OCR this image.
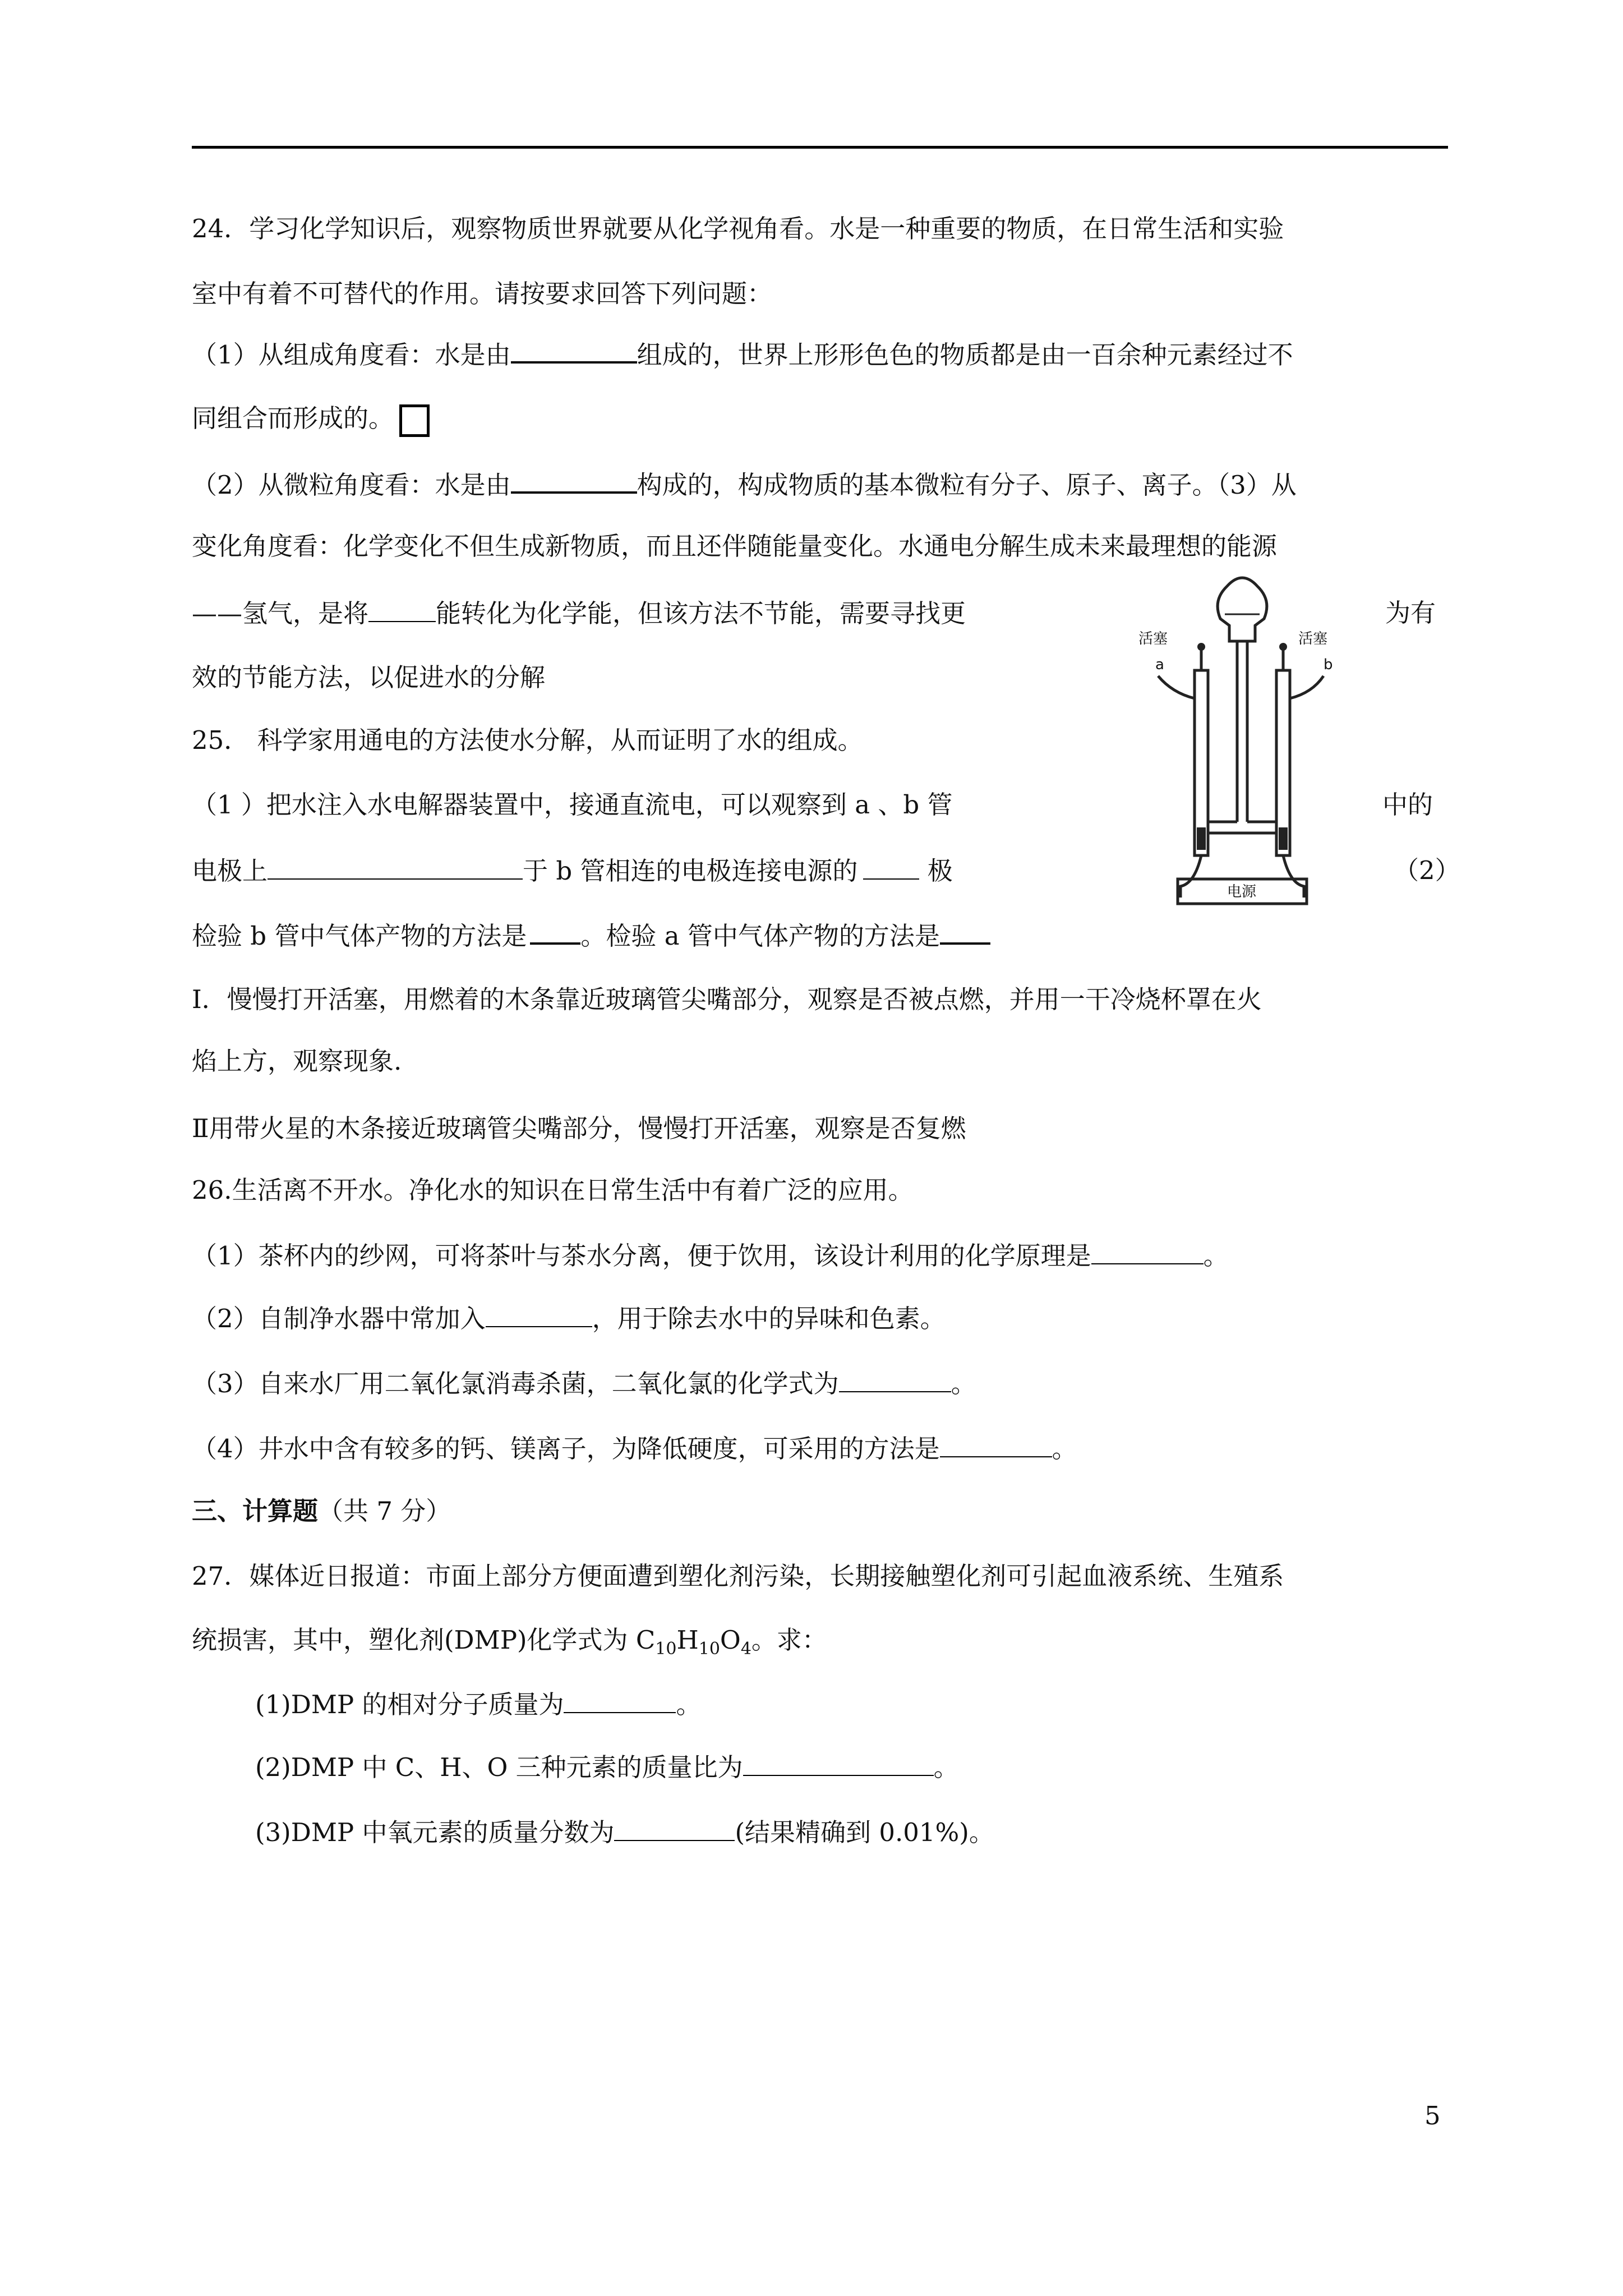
24．学习化学知识后，观察物质世界就要从化学视角看。水是一种重要的物质，在日常生活和实验
室中有着不可替代的作用。请按要求回答下列问题：
（1）从组成角度看：水是由	组成的，世界上形形色色的物质都是由一百余种元素经过不
同组合而形成的。
（2）从微粒角度看：水是由	构成的，构成物质的基本微粒有分子、原子、离子。（3）从
变化角度看：化学变化不但生成新物质，而且还伴随能量变化。水通电分解生成未来最理想的能源
——氢气，是将	能转化为化学能，但该方法不节能，需要寻找更	为有
效的节能方法，以促进水的分解
25． 科学家用通电的方法使水分解，从而证明了水的组成。
（1 ）把水注入水电解器装置中，接通直流电，可以观察到 a 、b 管	中的
电极上	于 b 管相连的电极连接电源的 极	（2）
检验 b 管中气体产物的方法是 。检验 a 管中气体产物的方法是
Ⅰ．慢慢打开活塞，用燃着的木条靠近玻璃管尖嘴部分，观察是否被点燃，并用一干冷烧杯罩在火
焰上方，观察现象.
Ⅱ用带火星的木条接近玻璃管尖嘴部分，慢慢打开活塞，观察是否复燃
活塞	活塞
a	b
电源
26.生活离不开水。净化水的知识在日常生活中有着广泛的应用。
（1）茶杯内的纱网，可将茶叶与茶水分离，便于饮用，该设计利用的化学原理是	。
（2）自制净水器中常加入	，用于除去水中的异味和色素。
（3）自来水厂用二氧化氯消毒杀菌，二氧化氯的化学式为	。
（4）井水中含有较多的钙、镁离子，为降低硬度，可采用的方法是	。
三、计算题（共 7 分）
27．媒体近日报道：市面上部分方便面遭到塑化剂污染，长期接触塑化剂可引起血液系统、生殖系
统损害，其中，塑化剂(DMP)化学式为 $C_{10}H_{10}O_4$。求：
(1)DMP 的相对分子质量为	。
(2)DMP 中 C、H、O 三种元素的质量比为	。
(3)DMP 中氧元素的质量分数为	(结果精确到 0.01%)。
5
